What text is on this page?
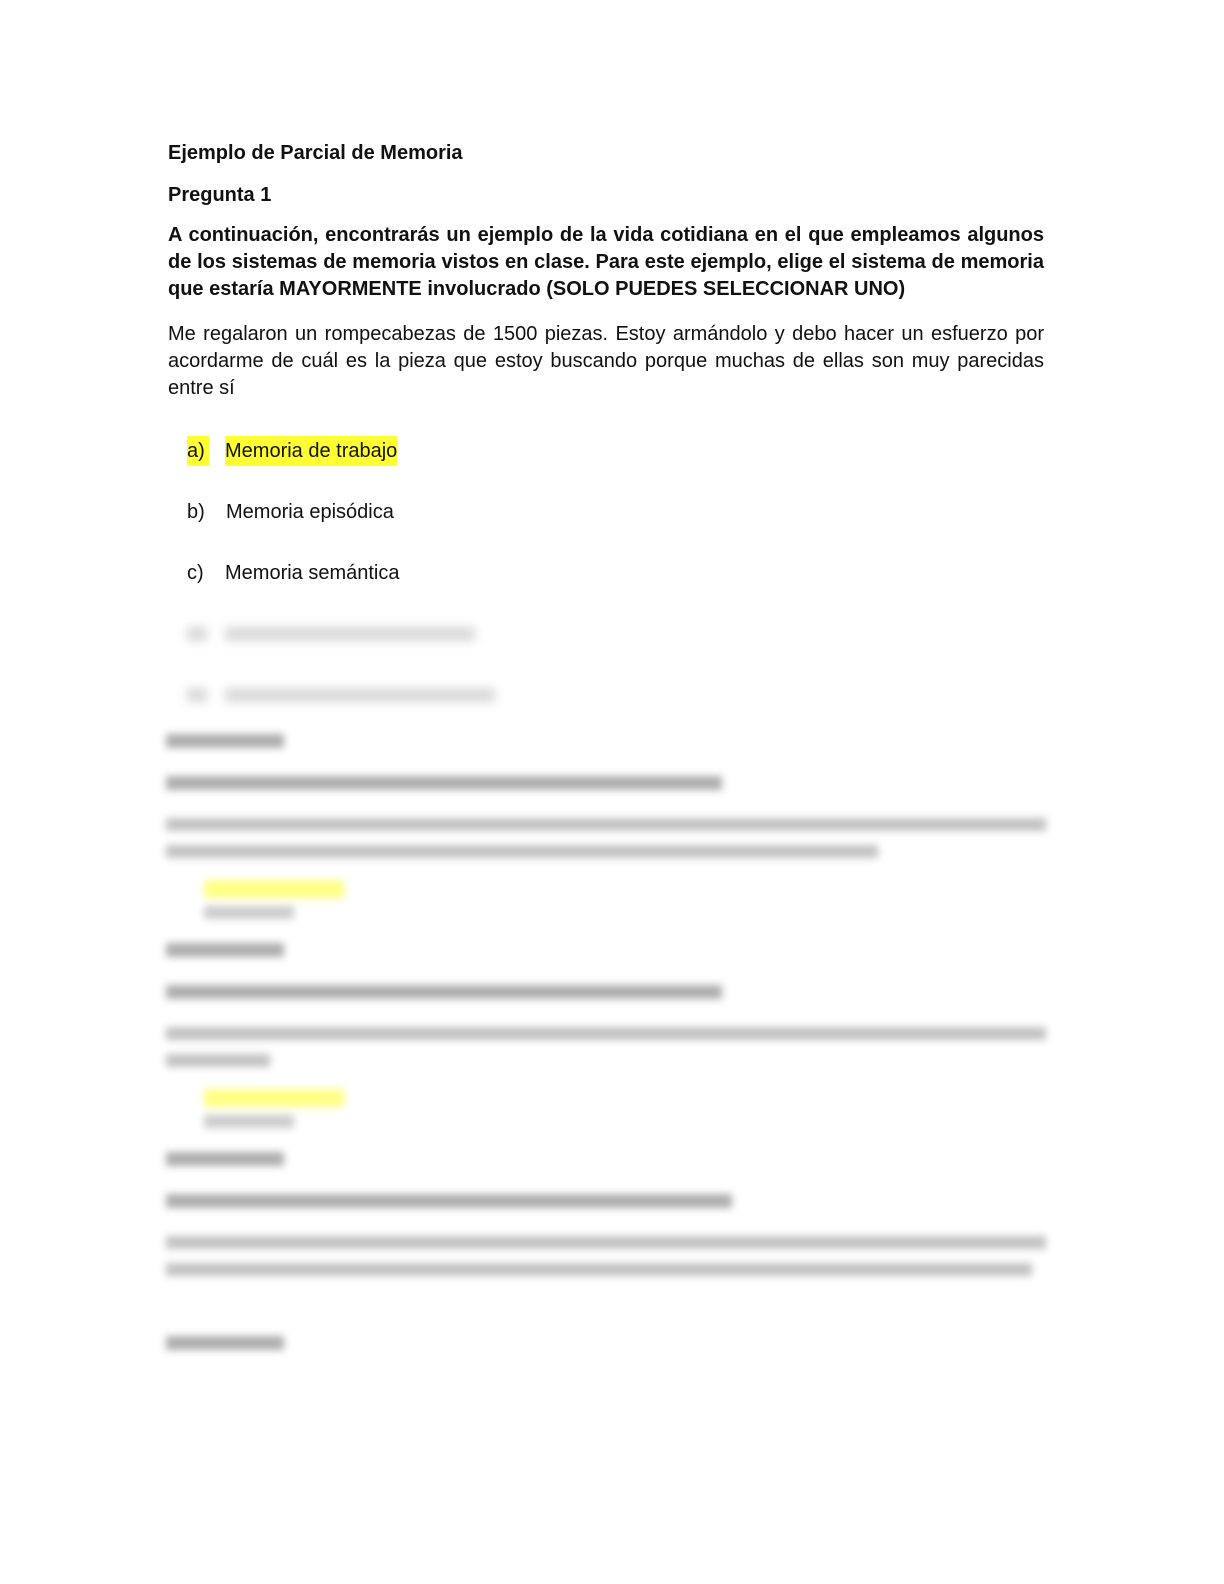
Ejemplo de Parcial de Memoria

Pregunta 1

A continuación, encontrarás un ejemplo de la vida cotidiana en el que empleamos algunos de los sistemas de memoria vistos en clase. Para este ejemplo, elige el sistema de memoria que estaría MAYORMENTE involucrado (SOLO PUEDES SELECCIONAR UNO)

Me regalaron un rompecabezas de 1500 piezas. Estoy armándolo y debo hacer un esfuerzo por acordarme de cuál es la pieza que estoy buscando porque muchas de ellas son muy parecidas entre sí

a) Memoria de trabajo
b) Memoria episódica
c) Memoria semántica
